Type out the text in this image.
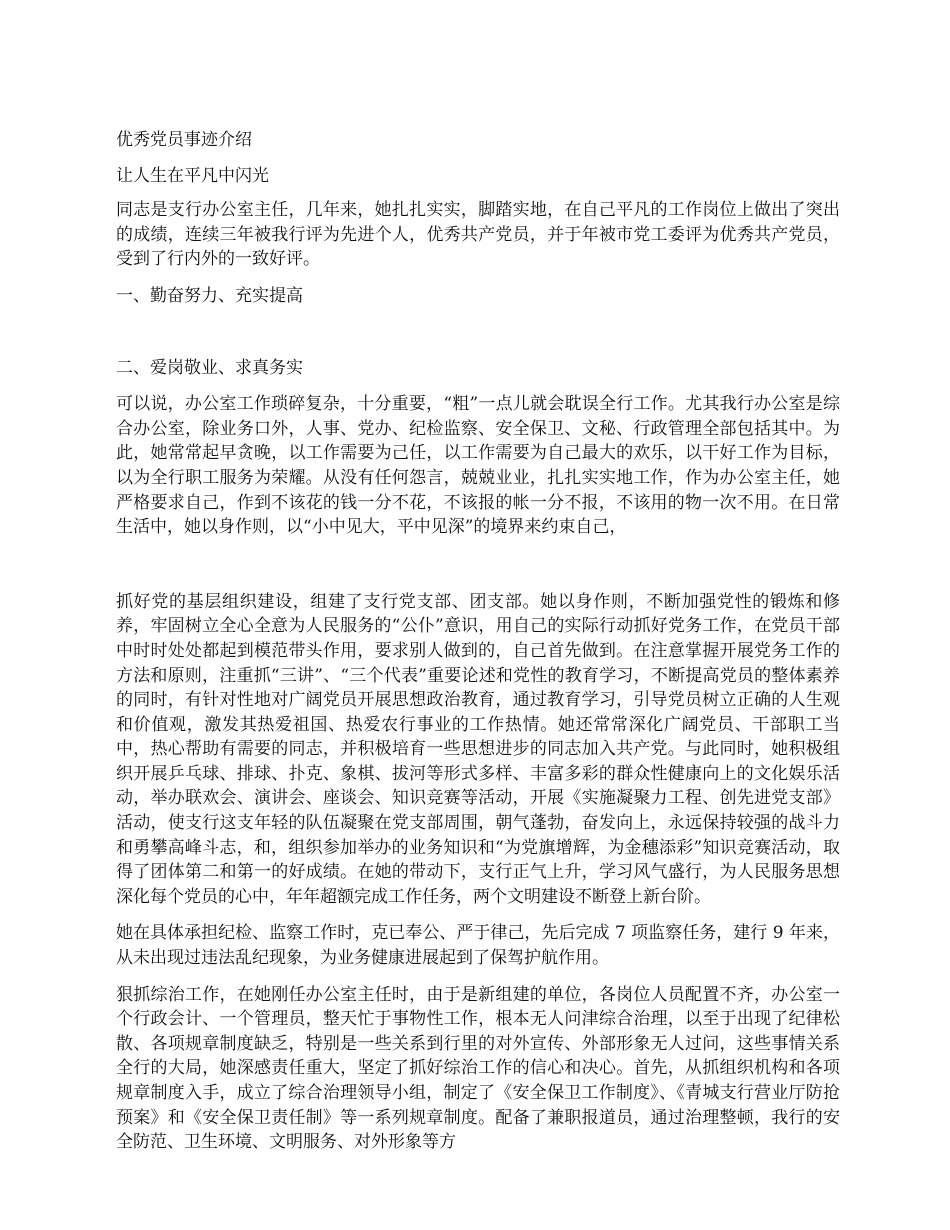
优秀党员事迹介绍

让人生在平凡中闪光

同志是支行办公室主任，几年来，她扎扎实实，脚踏实地，在自己平凡的工作岗位上做出了突出的成绩，连续三年被我行评为先进个人，优秀共产党员，并于年被市党工委评为优秀共产党员，受到了行内外的一致好评。

一、勤奋努力、充实提高

二、爱岗敬业、求真务实

可以说，办公室工作琐碎复杂，十分重要，“粗”一点儿就会耽误全行工作。尤其我行办公室是综合办公室，除业务口外，人事、党办、纪检监察、安全保卫、文秘、行政管理全部包括其中。为此，她常常起早贪晚，以工作需要为己任，以工作需要为自己最大的欢乐，以干好工作为目标，以为全行职工服务为荣耀。从没有任何怨言，兢兢业业，扎扎实实地工作，作为办公室主任，她严格要求自己，作到不该花的钱一分不花，不该报的帐一分不报，不该用的物一次不用。在日常生活中，她以身作则，以“小中见大，平中见深”的境界来约束自己，

抓好党的基层组织建设，组建了支行党支部、团支部。她以身作则，不断加强党性的锻炼和修养，牢固树立全心全意为人民服务的“公仆”意识，用自己的实际行动抓好党务工作，在党员干部中时时处处都起到模范带头作用，要求别人做到的，自己首先做到。在注意掌握开展党务工作的方法和原则，注重抓“三讲”、“三个代表”重要论述和党性的教育学习，不断提高党员的整体素养的同时，有针对性地对广阔党员开展思想政治教育，通过教育学习，引导党员树立正确的人生观和价值观，激发其热爱祖国、热爱农行事业的工作热情。她还常常深化广阔党员、干部职工当中，热心帮助有需要的同志，并积极培育一些思想进步的同志加入共产党。与此同时，她积极组织开展乒乓球、排球、扑克、象棋、拔河等形式多样、丰富多彩的群众性健康向上的文化娱乐活动，举办联欢会、演讲会、座谈会、知识竞赛等活动，开展《实施凝聚力工程、创先进党支部》活动，使支行这支年轻的队伍凝聚在党支部周围，朝气蓬勃，奋发向上，永远保持较强的战斗力和勇攀高峰斗志，和，组织参加举办的业务知识和“为党旗增辉，为金穗添彩”知识竞赛活动，取得了团体第二和第一的好成绩。在她的带动下，支行正气上升，学习风气盛行，为人民服务思想深化每个党员的心中，年年超额完成工作任务，两个文明建设不断登上新台阶。

她在具体承担纪检、监察工作时，克已奉公、严于律己，先后完成 7 项监察任务，建行 9 年来，从未出现过违法乱纪现象，为业务健康进展起到了保驾护航作用。

狠抓综治工作，在她刚任办公室主任时，由于是新组建的单位，各岗位人员配置不齐，办公室一个行政会计、一个管理员，整天忙于事物性工作，根本无人问津综合治理，以至于出现了纪律松散、各项规章制度缺乏，特别是一些关系到行里的对外宣传、外部形象无人过问，这些事情关系全行的大局，她深感责任重大，坚定了抓好综治工作的信心和决心。首先，从抓组织机构和各项规章制度入手，成立了综合治理领导小组，制定了《安全保卫工作制度》、《青城支行营业厅防抢预案》和《安全保卫责任制》等一系列规章制度。配备了兼职报道员，通过治理整顿，我行的安全防范、卫生环境、文明服务、对外形象等方
